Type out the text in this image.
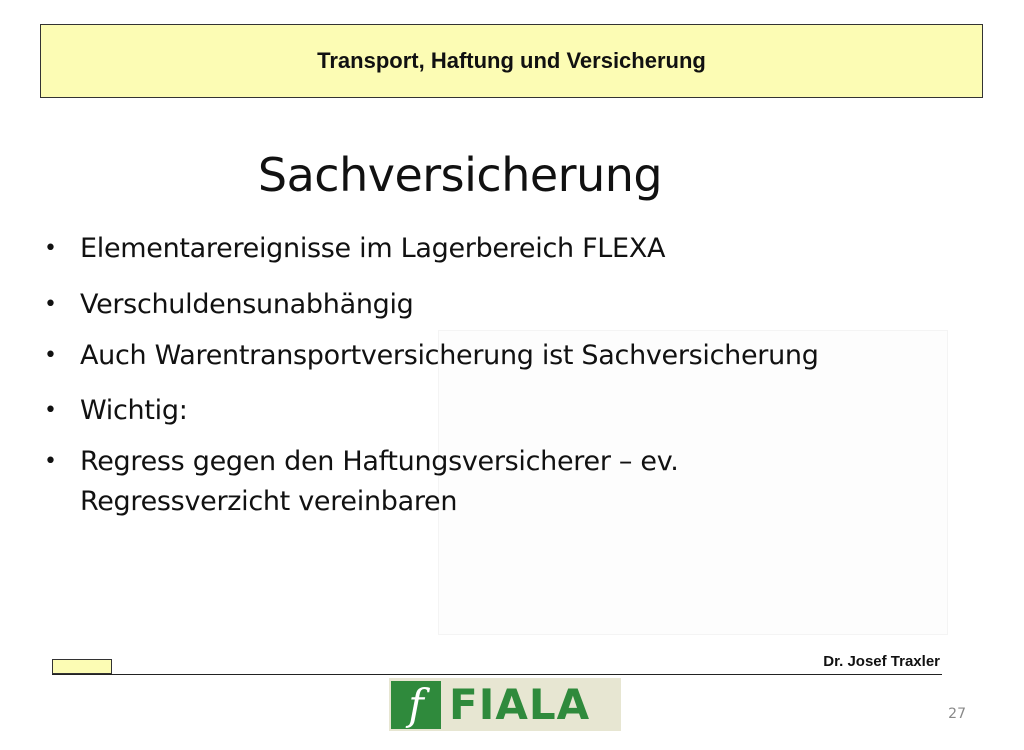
Transport, Haftung und Versicherung
Sachversicherung
• Elementarereignisse im Lagerbereich FLEXA
• Verschuldensunabhängig
• Auch Warentransportversicherung ist Sachversicherung
• Wichtig:
• Regress gegen den Haftungsversicherer – ev. Regressverzicht vereinbaren
Dr. Josef Traxler
f FIALA	27
